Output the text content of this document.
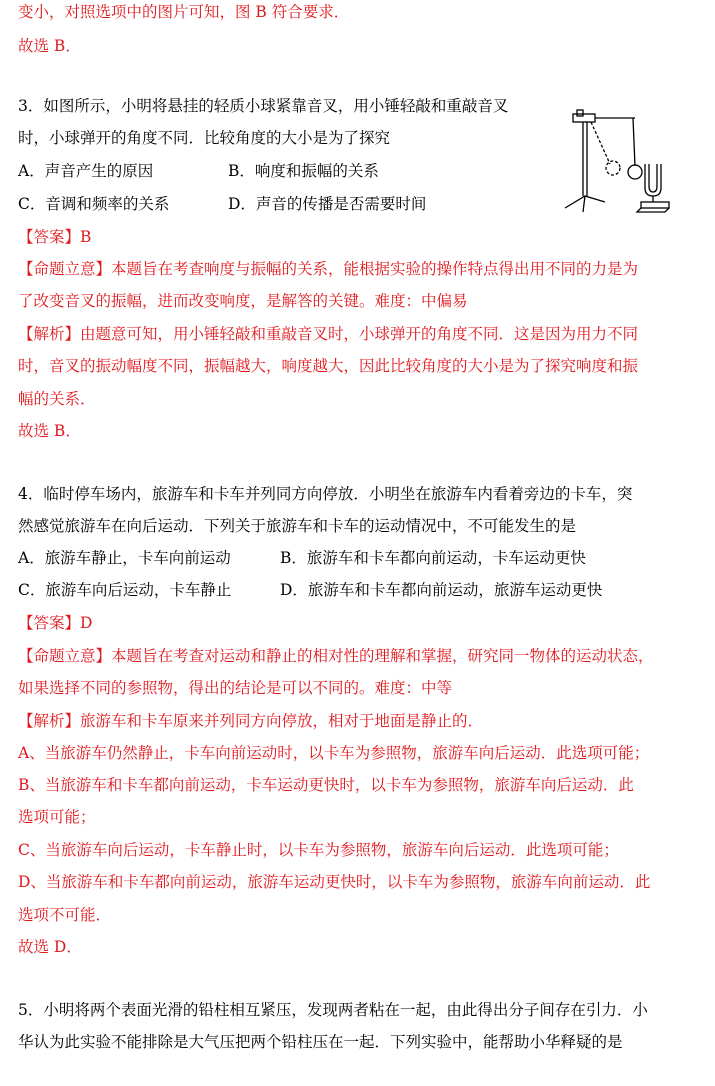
变小，对照选项中的图片可知，图 B 符合要求．
故选 B．
3．如图所示，小明将悬挂的轻质小球紧靠音叉，用小锤轻敲和重敲音叉
时，小球弹开的角度不同．比较角度的大小是为了探究
A．声音产生的原因	B．响度和振幅的关系
C．音调和频率的关系	D．声音的传播是否需要时间
【答案】B
【命题立意】本题旨在考查响度与振幅的关系，能根据实验的操作特点得出用不同的力是为
了改变音叉的振幅，进而改变响度，是解答的关键。难度：中偏易
【解析】由题意可知，用小锤轻敲和重敲音叉时，小球弹开的角度不同．这是因为用力不同
时，音叉的振动幅度不同，振幅越大，响度越大，因此比较角度的大小是为了探究响度和振
幅的关系．
故选 B．
4．临时停车场内，旅游车和卡车并列同方向停放．小明坐在旅游车内看着旁边的卡车，突
然感觉旅游车在向后运动．下列关于旅游车和卡车的运动情况中，不可能发生的是
A．旅游车静止，卡车向前运动	B．旅游车和卡车都向前运动，卡车运动更快
C．旅游车向后运动，卡车静止	D．旅游车和卡车都向前运动，旅游车运动更快
【答案】D
【命题立意】本题旨在考查对运动和静止的相对性的理解和掌握，研究同一物体的运动状态，
如果选择不同的参照物，得出的结论是可以不同的。难度：中等
【解析】旅游车和卡车原来并列同方向停放，相对于地面是静止的．
A、当旅游车仍然静止，卡车向前运动时，以卡车为参照物，旅游车向后运动．此选项可能；
B、当旅游车和卡车都向前运动，卡车运动更快时，以卡车为参照物，旅游车向后运动．此
选项可能；
C、当旅游车向后运动，卡车静止时，以卡车为参照物，旅游车向后运动．此选项可能；
D、当旅游车和卡车都向前运动，旅游车运动更快时，以卡车为参照物，旅游车向前运动．此
选项不可能．
故选 D．
5．小明将两个表面光滑的铅柱相互紧压，发现两者粘在一起，由此得出分子间存在引力．小
华认为此实验不能排除是大气压把两个铅柱压在一起．下列实验中，能帮助小华释疑的是
